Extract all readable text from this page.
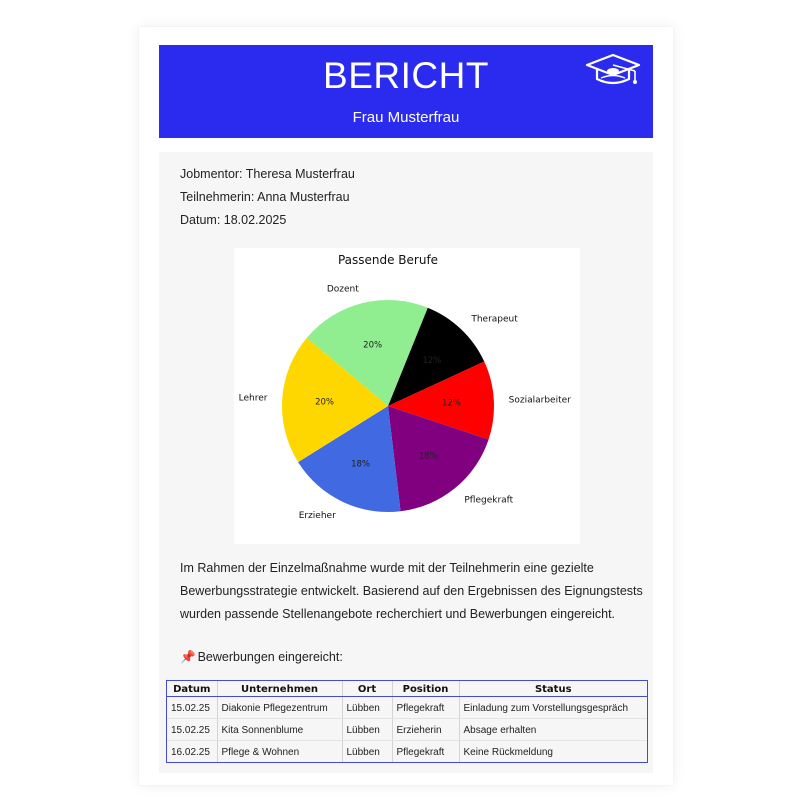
BERICHT
Frau Musterfrau
Jobmentor: Theresa Musterfrau
Teilnehmerin: Anna Musterfrau
Datum: 18.02.2025
Passende Berufe
12%
Therapeut
12%	Sozialarbeiter
18%
Pflegekraft
18%
Erzieher
20%
Lehrer
20%
Dozent
Im Rahmen der Einzelmaßnahme wurde mit der Teilnehmerin eine gezielte Bewerbungsstrategie entwickelt. Basierend auf den Ergebnissen des Eignungstests wurden passende Stellenangebote recherchiert und Bewerbungen eingereicht.
📌 Bewerbungen eingereicht:
Datum	Unternehmen	Ort	Position	Status
15.02.25	Diakonie Pflegezentrum	Lübben	Pflegekraft	Einladung zum Vorstellungsgespräch
15.02.25	Kita Sonnenblume	Lübben	Erzieherin	Absage erhalten
16.02.25	Pflege & Wohnen	Lübben	Pflegekraft	Keine Rückmeldung
